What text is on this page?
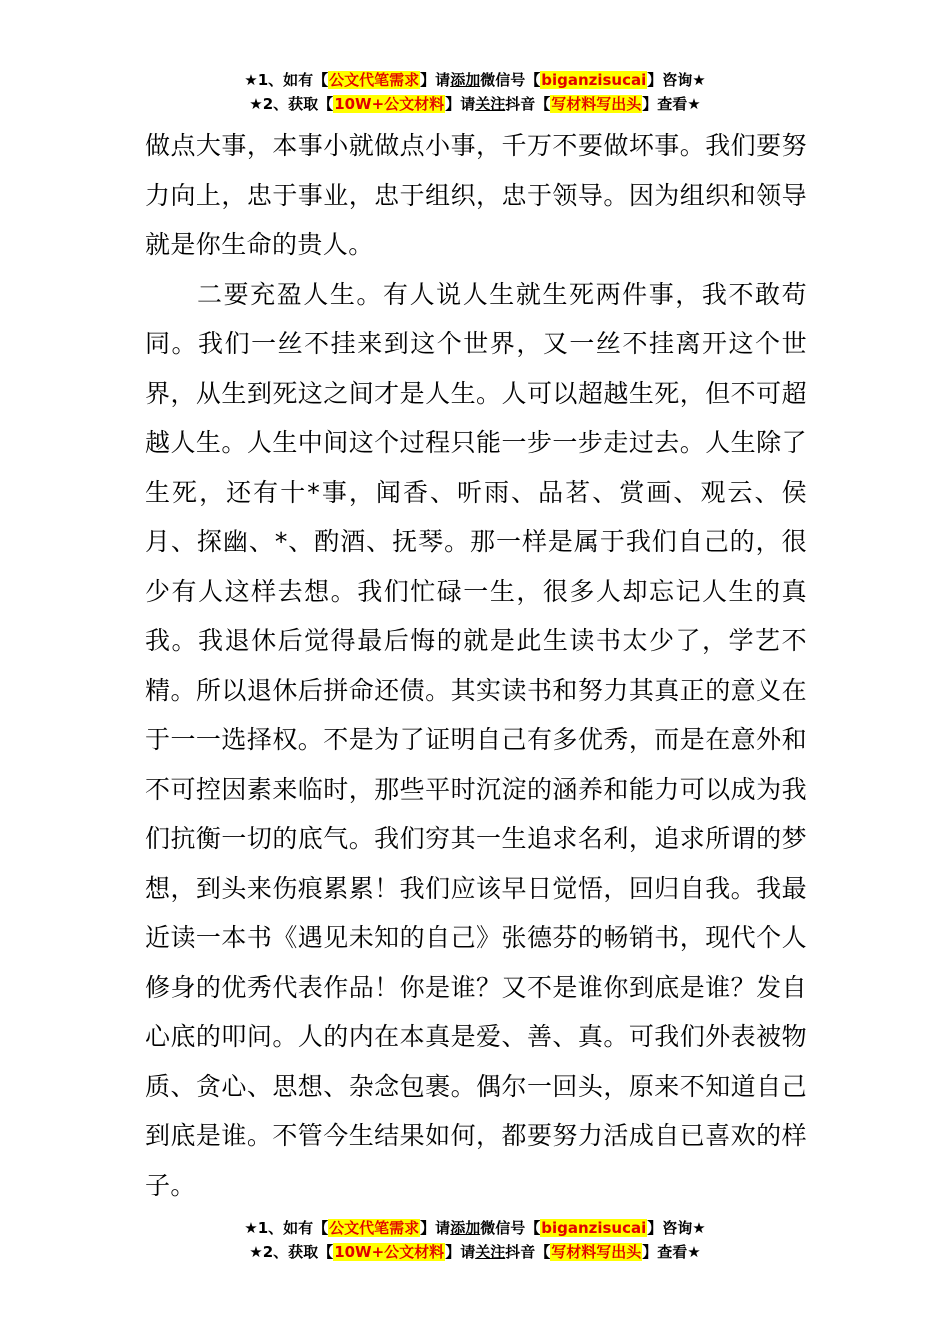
★1、如有【公文代笔需求】请添加微信号【biganzisucai】咨询★
★2、获取【10W+公文材料】请关注抖音【写材料写出头】查看★

做点大事，本事小就做点小事，千万不要做坏事。我们要努力向上，忠于事业，忠于组织，忠于领导。因为组织和领导就是你生命的贵人。

二要充盈人生。有人说人生就生死两件事，我不敢苟同。我们一丝不挂来到这个世界，又一丝不挂离开这个世界，从生到死这之间才是人生。人可以超越生死，但不可超越人生。人生中间这个过程只能一步一步走过去。人生除了生死，还有十*事，闻香、听雨、品茗、赏画、观云、侯月、探幽、*、酌酒、抚琴。那一样是属于我们自己的，很少有人这样去想。我们忙碌一生，很多人却忘记人生的真我。我退休后觉得最后悔的就是此生读书太少了，学艺不精。所以退休后拼命还债。其实读书和努力其真正的意义在于一一选择权。不是为了证明自己有多优秀，而是在意外和不可控因素来临时，那些平时沉淀的涵养和能力可以成为我们抗衡一切的底气。我们穷其一生追求名利，追求所谓的梦想，到头来伤痕累累！我们应该早日觉悟，回归自我。我最近读一本书《遇见未知的自己》张德芬的畅销书，现代个人修身的优秀代表作品！你是谁？又不是谁你到底是谁？发自心底的叩问。人的内在本真是爱、善、真。可我们外表被物质、贪心、思想、杂念包裹。偶尔一回头，原来不知道自己到底是谁。不管今生结果如何，都要努力活成自已喜欢的样子。

★1、如有【公文代笔需求】请添加微信号【biganzisucai】咨询★
★2、获取【10W+公文材料】请关注抖音【写材料写出头】查看★
